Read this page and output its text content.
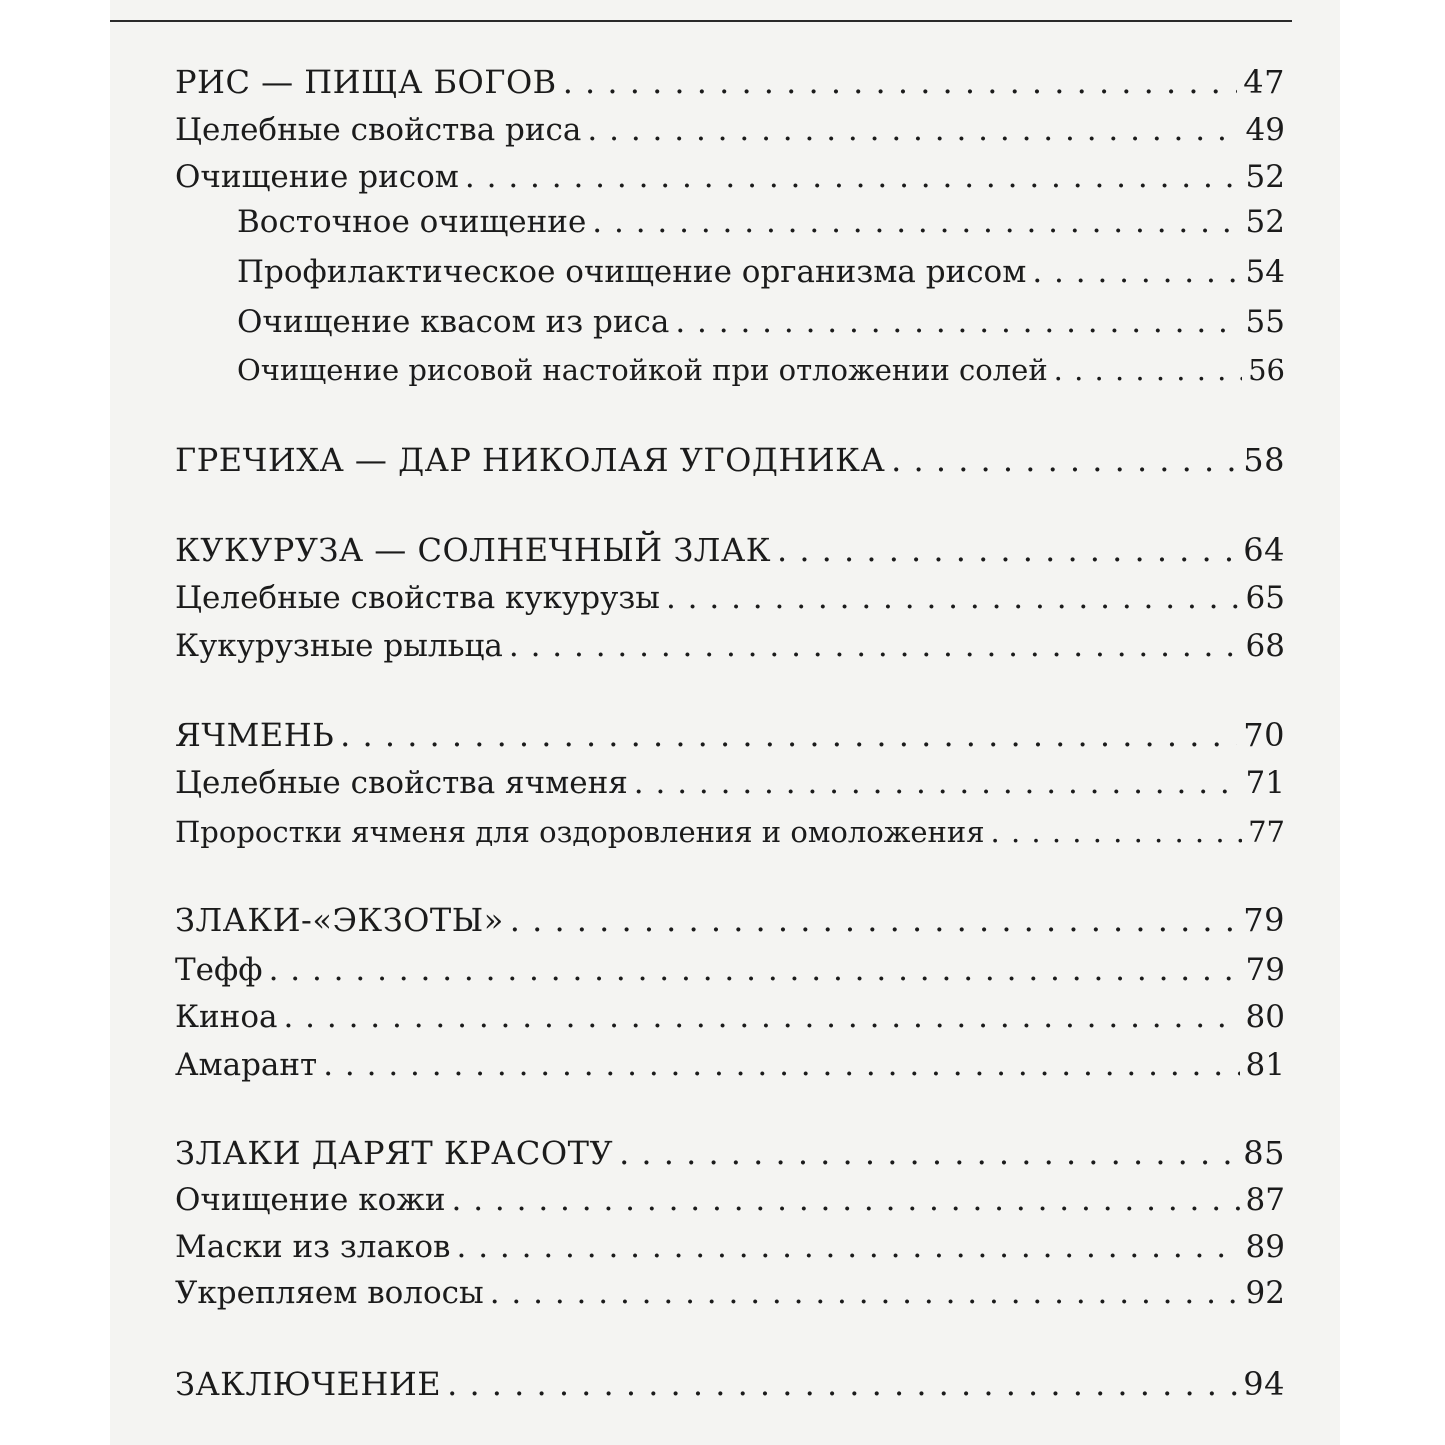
РИС — ПИЩА БОГОВ . . .	47
Целебные свойства риса . . .	49
Очищение рисом . . .	52
Восточное очищение . . .	52
Профилактическое очищение организма рисом . . .	54
Очищение квасом из риса . . .	55
Очищение рисовой настойкой при отложении солей . . .	56
ГРЕЧИХА — ДАР НИКОЛАЯ УГОДНИКА . . .	58
КУКУРУЗА — СОЛНЕЧНЫЙ ЗЛАК . . .	64
Целебные свойства кукурузы . . .	65
Кукурузные рыльца . . .	68
ЯЧМЕНЬ . . .	70
Целебные свойства ячменя . . .	71
Проростки ячменя для оздоровления и омоложения . . .	77
ЗЛАКИ-«ЭКЗОТЫ» . . .	79
Тефф . . .	79
Киноа . . .	80
Амарант . . .	81
ЗЛАКИ ДАРЯТ КРАСОТУ . . .	85
Очищение кожи . . .	87
Маски из злаков . . .	89
Укрепляем волосы . . .	92
ЗАКЛЮЧЕНИЕ . . .	94
